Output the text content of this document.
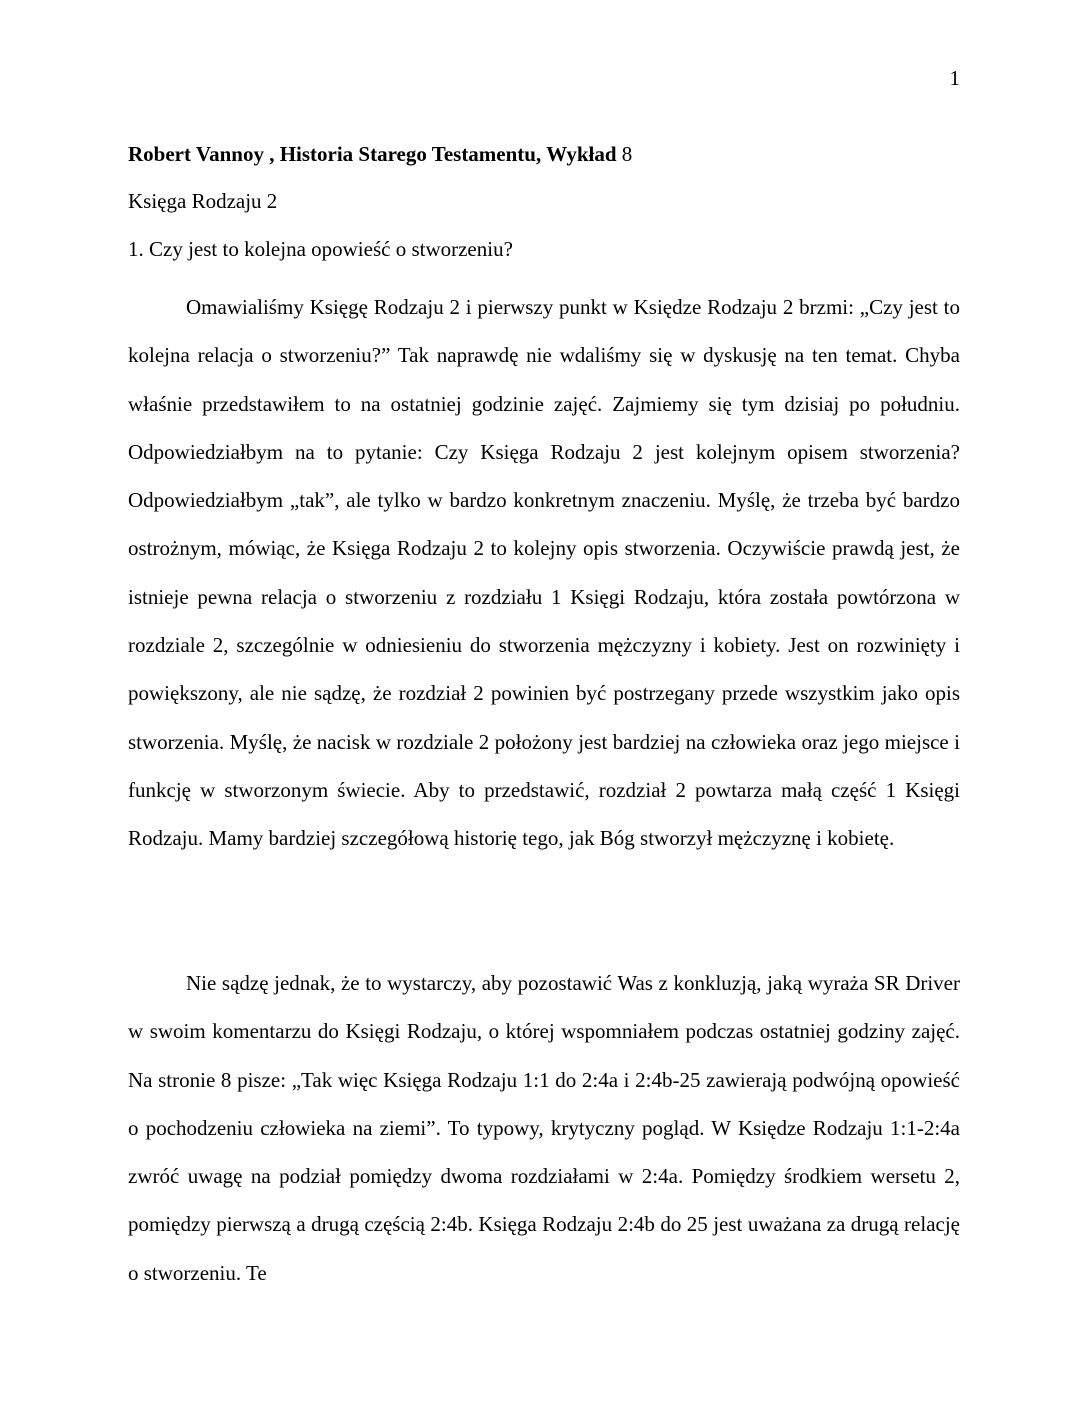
1
Robert Vannoy , Historia Starego Testamentu, Wykład 8
Księga Rodzaju 2
1. Czy jest to kolejna opowieść o stworzeniu?

Omawialiśmy Księgę Rodzaju 2 i pierwszy punkt w Księdze Rodzaju 2 brzmi: „Czy jest to kolejna relacja o stworzeniu?” Tak naprawdę nie wdaliśmy się w dyskusję na ten temat. Chyba właśnie przedstawiłem to na ostatniej godzinie zajęć. Zajmiemy się tym dzisiaj po południu. Odpowiedziałbym na to pytanie: Czy Księga Rodzaju 2 jest kolejnym opisem stworzenia? Odpowiedziałbym „tak”, ale tylko w bardzo konkretnym znaczeniu. Myślę, że trzeba być bardzo ostrożnym, mówiąc, że Księga Rodzaju 2 to kolejny opis stworzenia. Oczywiście prawdą jest, że istnieje pewna relacja o stworzeniu z rozdziału 1 Księgi Rodzaju, która została powtórzona w rozdziale 2, szczególnie w odniesieniu do stworzenia mężczyzny i kobiety. Jest on rozwinięty i powiększony, ale nie sądzę, że rozdział 2 powinien być postrzegany przede wszystkim jako opis stworzenia. Myślę, że nacisk w rozdziale 2 położony jest bardziej na człowieka oraz jego miejsce i funkcję w stworzonym świecie. Aby to przedstawić, rozdział 2 powtarza małą część 1 Księgi Rodzaju. Mamy bardziej szczegółową historię tego, jak Bóg stworzył mężczyznę i kobietę.

Nie sądzę jednak, że to wystarczy, aby pozostawić Was z konkluzją, jaką wyraża SR Driver w swoim komentarzu do Księgi Rodzaju, o której wspomniałem podczas ostatniej godziny zajęć. Na stronie 8 pisze: „Tak więc Księga Rodzaju 1:1 do 2:4a i 2:4b-25 zawierają podwójną opowieść o pochodzeniu człowieka na ziemi”. To typowy, krytyczny pogląd. W Księdze Rodzaju 1:1-2:4a zwróć uwagę na podział pomiędzy dwoma rozdziałami w 2:4a. Pomiędzy środkiem wersetu 2, pomiędzy pierwszą a drugą częścią 2:4b. Księga Rodzaju 2:4b do 25 jest uważana za drugą relację o stworzeniu. Te
